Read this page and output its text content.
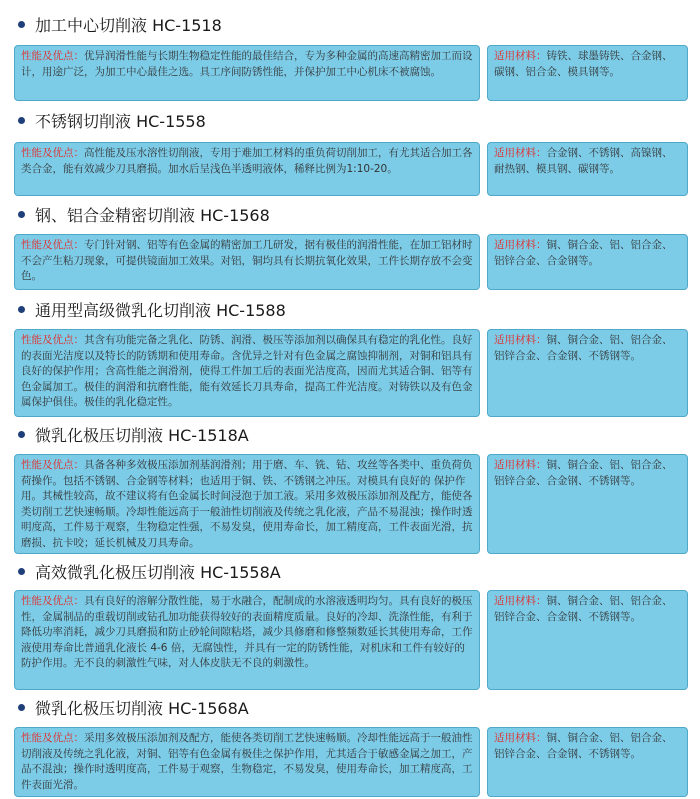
加工中心切削液 HC-1518
性能及优点：优异润滑性能与长期生物稳定性能的最佳结合，专为多种金属的高速高精密加工而设计，用途广泛，为加工中心最佳之选。具工序间防锈性能，并保护加工中心机床不被腐蚀。
适用材料：铸铁、球墨铸铁、合金钢、碳钢、铝合金、模具钢等。
不锈钢切削液 HC-1558
性能及优点：高性能及压水溶性切削液，专用于难加工材料的重负荷切削加工，有尤其适合加工各类合金，能有效减少刀具磨损。加水后呈浅色半透明液体，稀释比例为1:10-20。
适用材料：合金钢、不锈钢、高镍钢、耐热钢、模具钢、碳钢等。
钢、铝合金精密切削液 HC-1568
性能及优点：专门针对钢、铝等有色金属的精密加工几研发，据有极佳的润滑性能，在加工铝材时不会产生粘刀现象，可提供镜面加工效果。对铝，铜均具有长期抗氧化效果，工件长期存放不会变色。
适用材料：铜、铜合金、铝、铝合金、铝锌合金、合金钢等。
通用型高级微乳化切削液 HC-1588
性能及优点：其含有功能完备之乳化、防锈、润滑、极压等添加剂以确保具有稳定的乳化性。良好的表面光洁度以及特长的防锈期和使用寿命。含优异之针对有色金属之腐蚀抑制剂，对铜和铝具有良好的保护作用；含高性能之润滑剂，使得工件加工后的表面光洁度高，因而尤其适合铜、铝等有色金属加工。极佳的润滑和抗磨性能，能有效延长刀具寿命，提高工件光洁度。对铸铁以及有色金属保护俱佳。极佳的乳化稳定性。
适用材料：铜、铜合金、铝、铝合金、铝锌合金、合金钢、不锈钢等。
微乳化极压切削液 HC-1518A
性能及优点：具备各种多效极压添加剂基润滑剂；用于磨、车、铣、钻、攻丝等各类中、重负荷负荷操作。包括不锈钢、合金钢等材料；也适用于铜、铁、不锈钢之冲压。对模具有良好的 保护作用。其械性较高，故不建议将有色金属长时间浸泡于加工液。采用多效极压添加剂及配方，能使各类切削工艺快速畅顺。冷却性能远高于一般油性切削液及传统之乳化液，产品不易混浊；操作时透明度高，工件易于观察，生物稳定性强，不易发臭，使用寿命长，加工精度高，工件表面光滑，抗磨损、抗卡咬；延长机械及刀具寿命。
适用材料：铜、铜合金、铝、铝合金、铝锌合金、合金钢、不锈钢等。
高效微乳化极压切削液 HC-1558A
性能及优点：具有良好的溶解分散性能，易于水融合，配制成的水溶液透明均匀。具有良好的极压性，金属制品的重载切削或钻孔加功能获得较好的表面精度质量。良好的冷却、洗涤性能，有利于降低功率消耗，减少刀具磨损和防止砂轮间隙粘塔，减少具修磨和修整频数延长其使用寿命，工作液使用寿命比普通乳化液长 4-6 倍，无腐蚀性，并具有一定的防锈性能，对机床和工件有较好的防护作用。无不良的刺激性气味，对人体皮肤无不良的刺激性。
适用材料：铜、铜合金、铝、铝合金、铝锌合金、合金钢、不锈钢等。
微乳化极压切削液 HC-1568A
性能及优点：采用多效极压添加剂及配方，能使各类切削工艺快速畅顺。冷却性能远高于一般油性切削液及传统之乳化液，对铜、铝等有色金属有极佳之保护作用，尤其适合于敏感金属之加工，产品不混浊；操作时透明度高，工件易于观察，生物稳定，不易发臭，使用寿命长，加工精度高，工件表面光滑。
适用材料：铜、铜合金、铝、铝合金、铝锌合金、合金钢、不锈钢等。
